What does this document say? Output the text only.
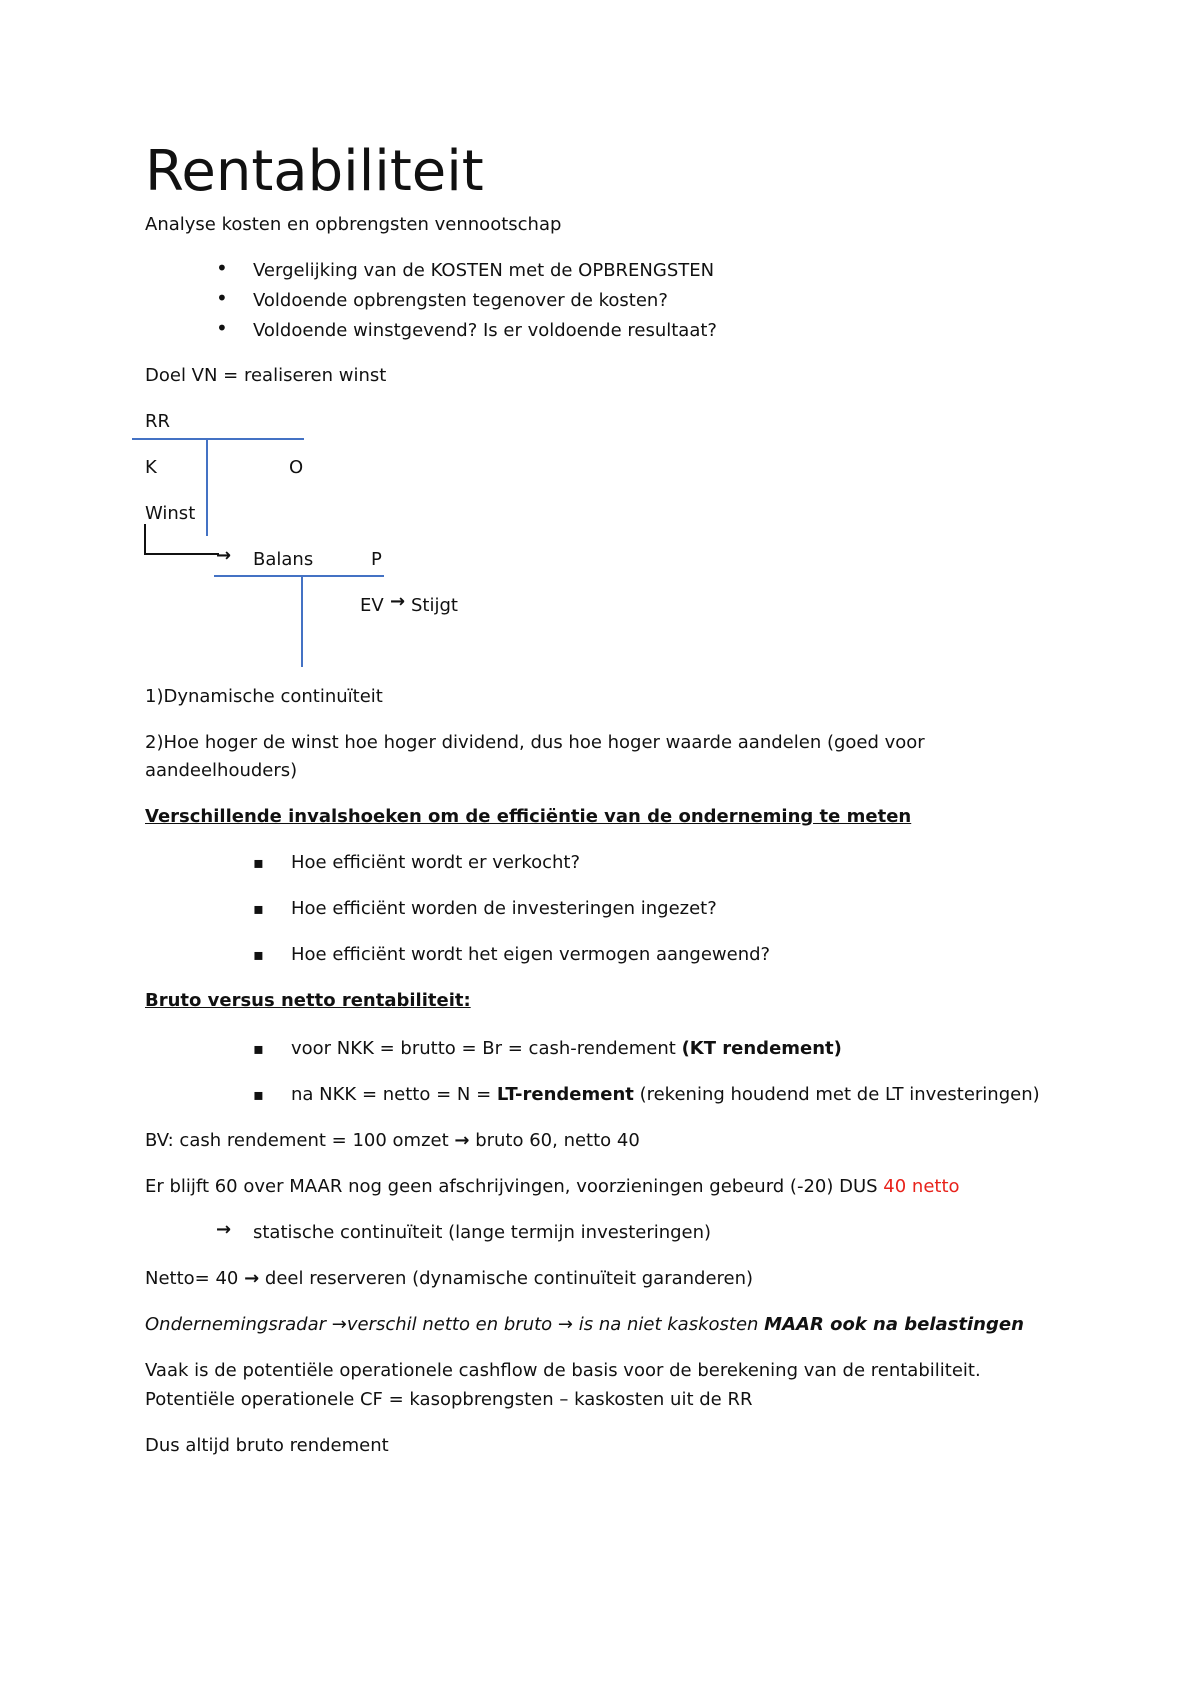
Rentabiliteit
Analyse kosten en opbrengsten vennootschap
•
Vergelijking van de KOSTEN met de OPBRENGSTEN
•
Voldoende opbrengsten tegenover de kosten?
•
Voldoende winstgevend? Is er voldoende resultaat?
Doel VN = realiseren winst
RR
K	O
Winst
→ Balans	P
EV → Stijgt
1)Dynamische continuïteit
2)Hoe hoger de winst hoe hoger dividend, dus hoe hoger waarde aandelen (goed voor
aandeelhouders)
Verschillende invalshoeken om de efficiëntie van de onderneming te meten
▪
Hoe efficiënt wordt er verkocht?
▪
Hoe efficiënt worden de investeringen ingezet?
▪
Hoe efficiënt wordt het eigen vermogen aangewend?
Bruto versus netto rentabiliteit:
▪
voor NKK = brutto = Br = cash-rendement (KT rendement)
▪
na NKK = netto = N = LT-rendement (rekening houdend met de LT investeringen)
BV: cash rendement = 100 omzet → bruto 60, netto 40
Er blijft 60 over MAAR nog geen afschrijvingen, voorzieningen gebeurd (-20) DUS 40 netto
→ statische continuïteit (lange termijn investeringen)
Netto= 40 → deel reserveren (dynamische continuïteit garanderen)
Ondernemingsradar →verschil netto en bruto → is na niet kaskosten MAAR ook na belastingen
Vaak is de potentiële operationele cashflow de basis voor de berekening van de rentabiliteit.
Potentiële operationele CF = kasopbrengsten – kaskosten uit de RR
Dus altijd bruto rendement
